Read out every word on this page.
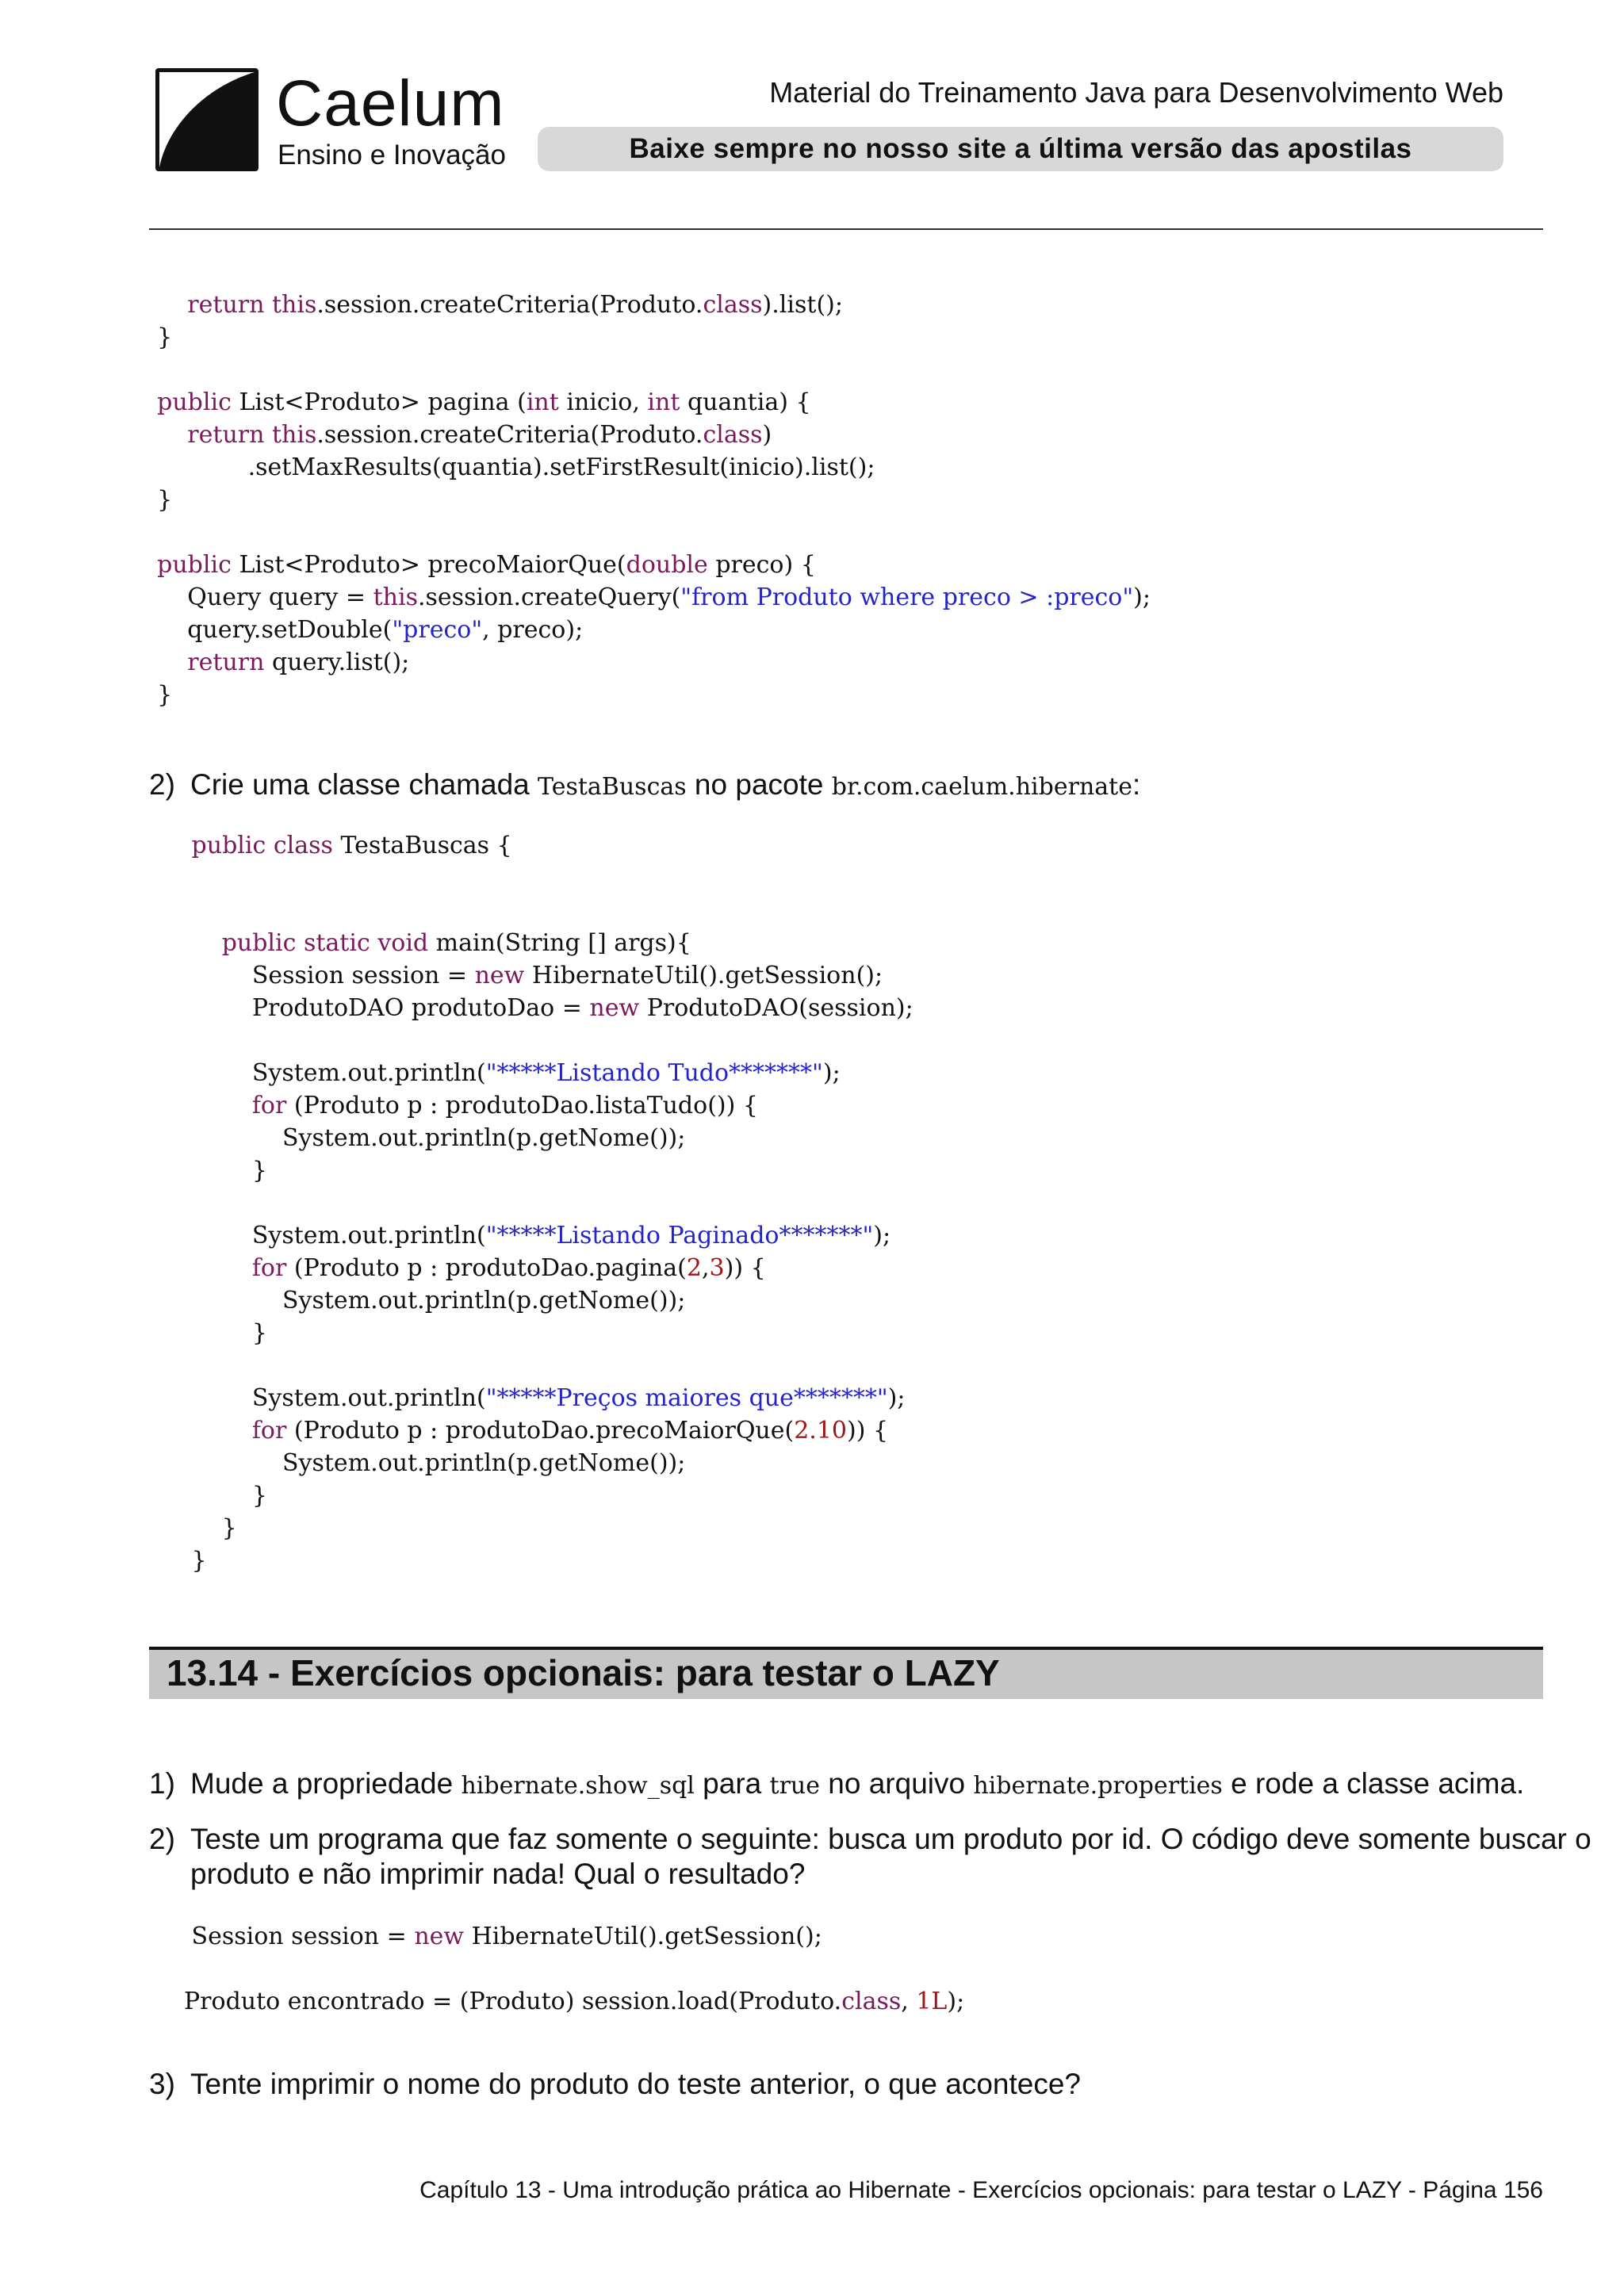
✱ Caelum
Ensino e Inovação
Material do Treinamento Java para Desenvolvimento Web
Baixe sempre no nosso site a última versão das apostilas
return this.session.createCriteria(Produto.class).list();
}

public List<Produto> pagina (int inicio, int quantia) {
return this.session.createCriteria(Produto.class)
.setMaxResults(quantia).setFirstResult(inicio).list();
}

public List<Produto> precoMaiorQue(double preco) {
Query query = this.session.createQuery("from Produto where preco > :preco");
query.setDouble("preco", preco);
return query.list();
}
2) Crie uma classe chamada TestaBuscas no pacote br.com.caelum.hibernate:
public class TestaBuscas {

public static void main(String [] args){
Session session = new HibernateUtil().getSession();
ProdutoDAO produtoDao = new ProdutoDAO(session);

System.out.println("*****Listando Tudo*******");
for (Produto p : produtoDao.listaTudo()) {
System.out.println(p.getNome());
}

System.out.println("*****Listando Paginado*******");
for (Produto p : produtoDao.pagina(2,3)) {
System.out.println(p.getNome());
}

System.out.println("*****Preços maiores que*******");
for (Produto p : produtoDao.precoMaiorQue(2.10)) {
System.out.println(p.getNome());
}
}
}
13.14 - Exercícios opcionais: para testar o LAZY
1) Mude a propriedade hibernate.show_sql para true no arquivo hibernate.properties e rode a classe acima.
2) Teste um programa que faz somente o seguinte: busca um produto por id. O código deve somente buscar o
produto e não imprimir nada! Qual o resultado?
Session session = new HibernateUtil().getSession();

Produto encontrado = (Produto) session.load(Produto.class, 1L);
3) Tente imprimir o nome do produto do teste anterior, o que acontece?
Capítulo 13 - Uma introdução prática ao Hibernate - Exercícios opcionais: para testar o LAZY - Página 156
